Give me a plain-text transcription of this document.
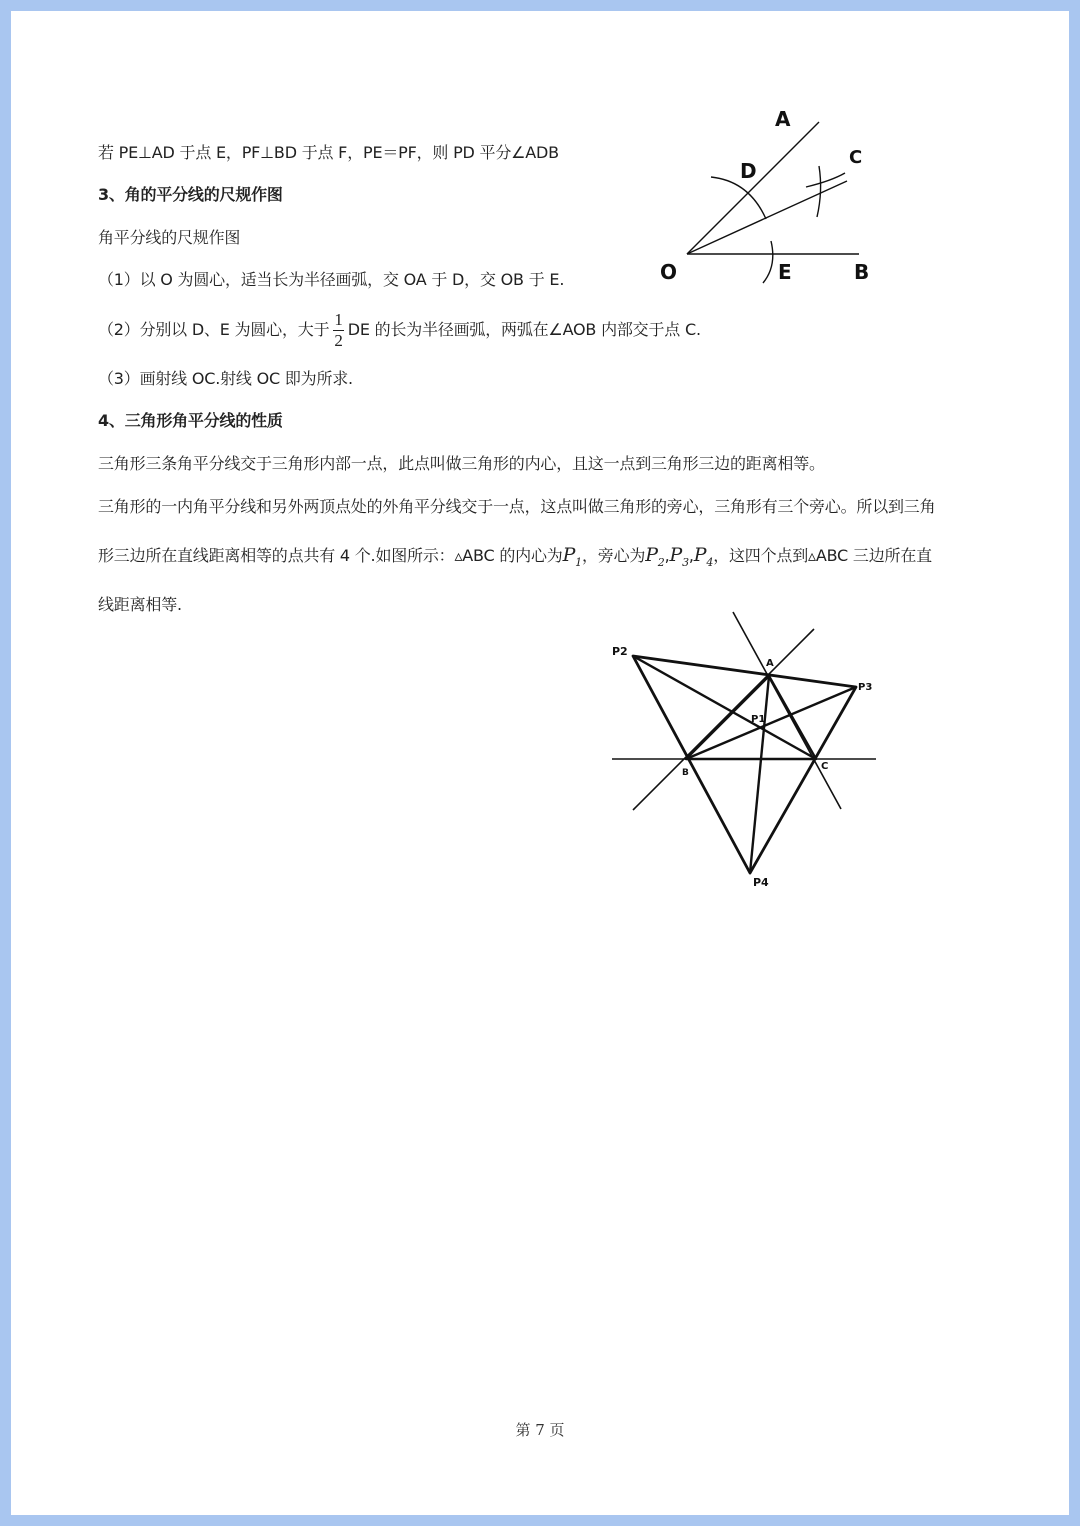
若 PE⊥AD 于点 E，PF⊥BD 于点 F，PE＝PF，则 PD 平分∠ADB
3、角的平分线的尺规作图
角平分线的尺规作图
（1）以 O 为圆心，适当长为半径画弧，交 OA 于 D，交 OB 于 E.
（2）分别以 D、E 为圆心，大于 $\frac{1}{2}$ DE 的长为半径画弧，两弧在∠AOB 内部交于点 C.
（3）画射线 OC.射线 OC 即为所求.
4、三角形角平分线的性质
三角形三条角平分线交于三角形内部一点，此点叫做三角形的内心，且这一点到三角形三边的距离相等。
三角形的一内角平分线和另外两顶点处的外角平分线交于一点，这点叫做三角形的旁心，三角形有三个旁心。所以到三角
形三边所在直线距离相等的点共有 4 个.如图所示：▵ABC 的内心为$P_1$，旁心为$P_2,P_3,P_4$，这四个点到▵ABC 三边所在直
线距离相等.
A
C
D
O	E	B
P2
A
P3
P1
B
C
P4
第 7 页
